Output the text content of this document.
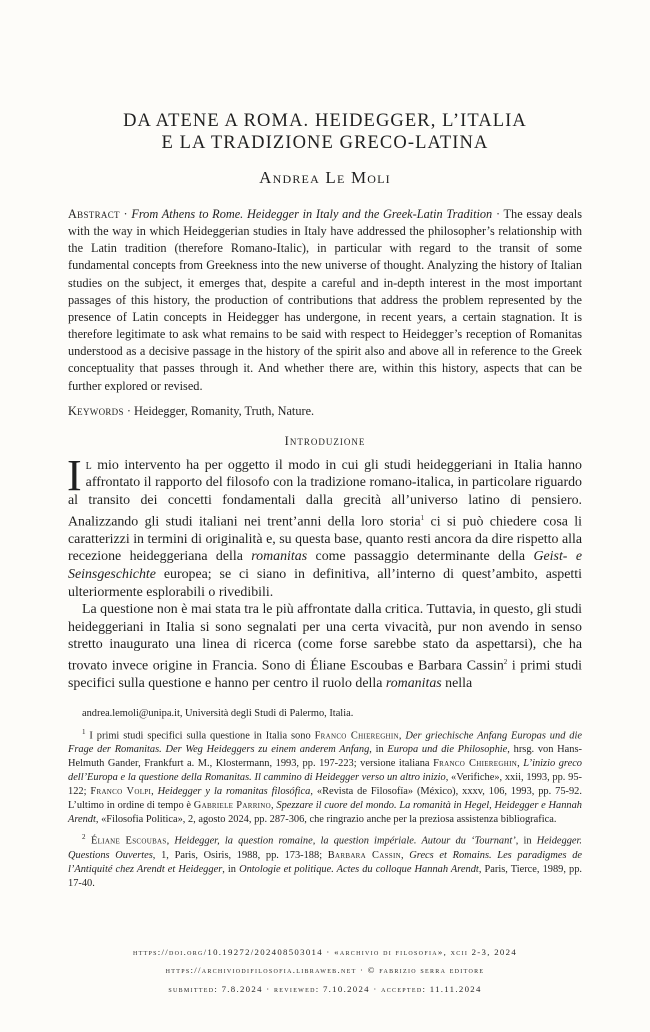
DA ATENE A ROMA. HEIDEGGER, L’ITALIA
E LA TRADIZIONE GRECO-LATINA
Andrea Le Moli
Abstract · From Athens to Rome. Heidegger in Italy and the Greek-Latin Tradition · The essay deals with the way in which Heideggerian studies in Italy have addressed the philosopher’s relationship with the Latin tradition (therefore Romano-Italic), in particular with regard to the transit of some fundamental concepts from Greekness into the new universe of thought. Analyzing the history of Italian studies on the subject, it emerges that, despite a careful and in-depth interest in the most important passages of this history, the production of contributions that address the problem represented by the presence of Latin concepts in Heidegger has undergone, in recent years, a certain stagnation. It is therefore legitimate to ask what remains to be said with respect to Heidegger’s reception of Romanitas understood as a decisive passage in the history of the spirit also and above all in reference to the Greek conceptuality that passes through it. And whether there are, within this history, aspects that can be further explored or revised.
Keywords · Heidegger, Romanity, Truth, Nature.
Introduzione

Il mio intervento ha per oggetto il modo in cui gli studi heideggeriani in Italia hanno affrontato il rapporto del filosofo con la tradizione romano-italica, in particolare riguardo al transito dei concetti fondamentali dalla grecità all’universo latino di pensiero. Analizzando gli studi italiani nei trent’anni della loro storia$^1$ ci si può chiedere cosa li caratterizzi in termini di originalità e, su questa base, quanto resti ancora da dire rispetto alla recezione heideggeriana della romanitas come passaggio determinante della Geist- e Seinsgeschichte europea; se ci siano in definitiva, all’interno di quest’ambito, aspetti ulteriormente esplorabili o rivedibili.

La questione non è mai stata tra le più affrontate dalla critica. Tuttavia, in questo, gli studi heideggeriani in Italia si sono segnalati per una certa vivacità, pur non avendo in senso stretto inaugurato una linea di ricerca (come forse sarebbe stato da aspettarsi), che ha trovato invece origine in Francia. Sono di Éliane Escoubas e Barbara Cassin$^2$ i primi studi specifici sulla questione e hanno per centro il ruolo della romanitas nella

andrea.lemoli@unipa.it, Università degli Studi di Palermo, Italia.

$^1$ I primi studi specifici sulla questione in Italia sono Franco Chiereghin, Der griechische Anfang Europas und die Frage der Romanitas. Der Weg Heideggers zu einem anderem Anfang, in Europa und die Philosophie, hrsg. von Hans-Helmuth Gander, Frankfurt a. M., Klostermann, 1993, pp. 197-223; versione italiana Franco Chiereghin, L’inizio greco dell’Europa e la questione della Romanitas. Il cammino di Heidegger verso un altro inizio, «Verifiche», xxii, 1993, pp. 95-122; Franco Volpi, Heidegger y la romanitas filosófica, «Revista de Filosofía» (México), xxxv, 106, 1993, pp. 75-92. L’ultimo in ordine di tempo è Gabriele Parrino, Spezzare il cuore del mondo. La romanità in Hegel, Heidegger e Hannah Arendt, «Filosofia Politica», 2, agosto 2024, pp. 287-306, che ringrazio anche per la preziosa assistenza bibliografica.

$^2$ Éliane Escoubas, Heidegger, la question romaine, la question impériale. Autour du ‘Tournant’, in Heidegger. Questions Ouvertes, 1, Paris, Osiris, 1988, pp. 173-188; Barbara Cassin, Grecs et Romains. Les paradigmes de l’Antiquité chez Arendt et Heidegger, in Ontologie et politique. Actes du colloque Hannah Arendt, Paris, Tierce, 1989, pp. 17-40.

https://doi.org/10.19272/202408503014 · «archivio di filosofia», xcii 2-3, 2024
https://archiviodifilosofia.libraweb.net · © fabrizio serra editore
submitted: 7.8.2024 · reviewed: 7.10.2024 · accepted: 11.11.2024
